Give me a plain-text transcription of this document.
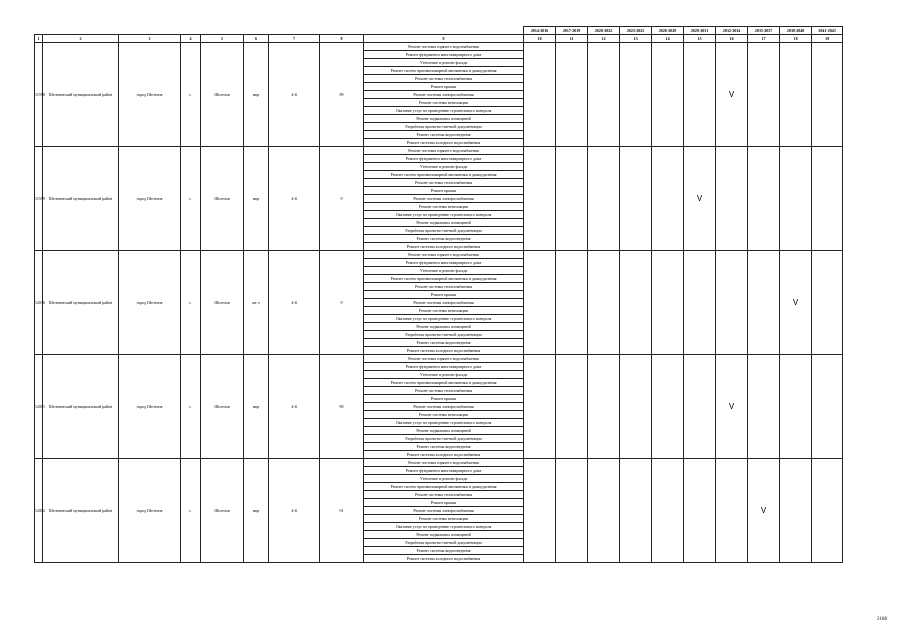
									2014-2016	2017-2019	2020-2022	2023-2025	2026-2028	2029-2031	2032-2034	2035-2037	2038-2040	2041-2043
1	2	3	4	5	6	7	8	9	10	11	12	13	14	15	16	17	18	19
11598	Шелеховский муниципальный район	город Шелехов	г.	Шелехов	мкр	4-й	89	Ремонт системы горячего водоснабжения							V			
								Ремонт фундамента многоквартирного дома										
								Утепление и ремонт фасада										
								Ремонт систем противопожарной автоматики и дымоудаления										
								Ремонт системы теплоснабжения										
								Ремонт крыши										
								Ремонт системы электроснабжения										
								Ремонт системы вентиляции										
								Оказание услуг по проведению строительного контроля										
								Ремонт подвальных помещений										
								Разработка проектно-сметной документации										
								Ремонт системы водоотведения										
								Ремонт системы холодного водоснабжения										
11599	Шелеховский муниципальный район	город Шелехов	г.	Шелехов	мкр	4-й	9	Ремонт системы горячего водоснабжения						V				
								Ремонт фундамента многоквартирного дома										
								Утепление и ремонт фасада										
								Ремонт систем противопожарной автоматики и дымоудаления										
								Ремонт системы теплоснабжения										
								Ремонт крыши										
								Ремонт системы электроснабжения										
								Ремонт системы вентиляции										
								Оказание услуг по проведению строительного контроля										
								Ремонт подвальных помещений										
								Разработка проектно-сметной документации										
								Ремонт системы водоотведения										
								Ремонт системы холодного водоснабжения										
12036	Шелеховский муниципальный район	город Шелехов	г.	Шелехов	кв-л	4-й	9	Ремонт системы горячего водоснабжения									V	
								Ремонт фундамента многоквартирного дома										
								Утепление и ремонт фасада										
								Ремонт систем противопожарной автоматики и дымоудаления										
								Ремонт системы теплоснабжения										
								Ремонт крыши										
								Ремонт системы электроснабжения										
								Ремонт системы вентиляции										
								Оказание услуг по проведению строительного контроля										
								Ремонт подвальных помещений										
								Разработка проектно-сметной документации										
								Ремонт системы водоотведения										
								Ремонт системы холодного водоснабжения										
12001	Шелеховский муниципальный район	город Шелехов	г.	Шелехов	мкр	4-й	90	Ремонт системы горячего водоснабжения							V			
								Ремонт фундамента многоквартирного дома										
								Утепление и ремонт фасада										
								Ремонт систем противопожарной автоматики и дымоудаления										
								Ремонт системы теплоснабжения										
								Ремонт крыши										
								Ремонт системы электроснабжения										
								Ремонт системы вентиляции										
								Оказание услуг по проведению строительного контроля										
								Ремонт подвальных помещений										
								Разработка проектно-сметной документации										
								Ремонт системы водоотведения										
								Ремонт системы холодного водоснабжения										
12002	Шелеховский муниципальный район	город Шелехов	г.	Шелехов	мкр	4-й	91	Ремонт системы горячего водоснабжения								V		
								Ремонт фундамента многоквартирного дома										
								Утепление и ремонт фасада										
								Ремонт систем противопожарной автоматики и дымоудаления										
								Ремонт системы теплоснабжения										
								Ремонт крыши										
								Ремонт системы электроснабжения										
								Ремонт системы вентиляции										
								Оказание услуг по проведению строительного контроля										
								Ремонт подвальных помещений										
								Разработка проектно-сметной документации										
								Ремонт системы водоотведения										
								Ремонт системы холодного водоснабжения										
2188
